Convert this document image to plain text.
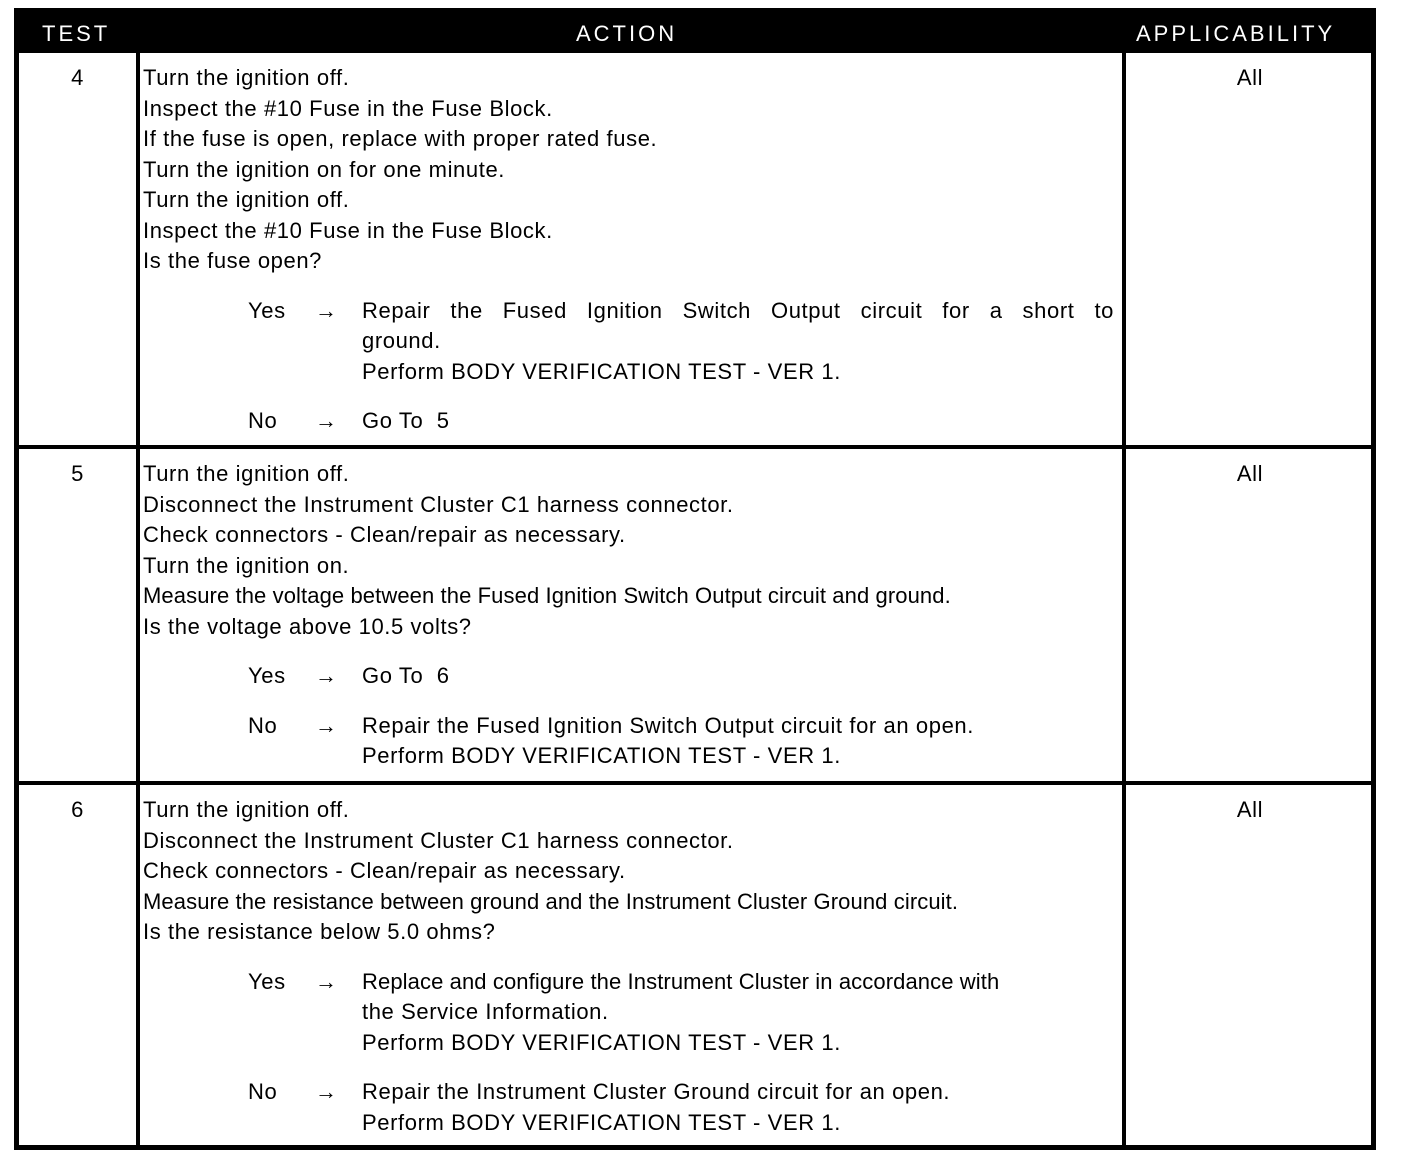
TEST	ACTION	APPLICABILITY
4	Turn the ignition off.

Inspect the #10 Fuse in the Fuse Block.

If the fuse is open, replace with proper rated fuse.

Turn the ignition on for one minute.

Turn the ignition off.

Inspect the #10 Fuse in the Fuse Block.

Is the fuse open?

Yes → Repair the Fused Ignition Switch Output circuit for a short to

ground.

Perform BODY VERIFICATION TEST - VER 1.

No → Go To  5

All
5	Turn the ignition off.

Disconnect the Instrument Cluster C1 harness connector.

Check connectors - Clean/repair as necessary.

Turn the ignition on.

Measure the voltage between the Fused Ignition Switch Output circuit and ground.

Is the voltage above 10.5 volts?

Yes → Go To  6

No → Repair the Fused Ignition Switch Output circuit for an open.

Perform BODY VERIFICATION TEST - VER 1.

All
6	Turn the ignition off.

Disconnect the Instrument Cluster C1 harness connector.

Check connectors - Clean/repair as necessary.

Measure the resistance between ground and the Instrument Cluster Ground circuit.

Is the resistance below 5.0 ohms?

Yes → Replace and configure the Instrument Cluster in accordance with

the Service Information.

Perform BODY VERIFICATION TEST - VER 1.

No → Repair the Instrument Cluster Ground circuit for an open.

Perform BODY VERIFICATION TEST - VER 1.

All
